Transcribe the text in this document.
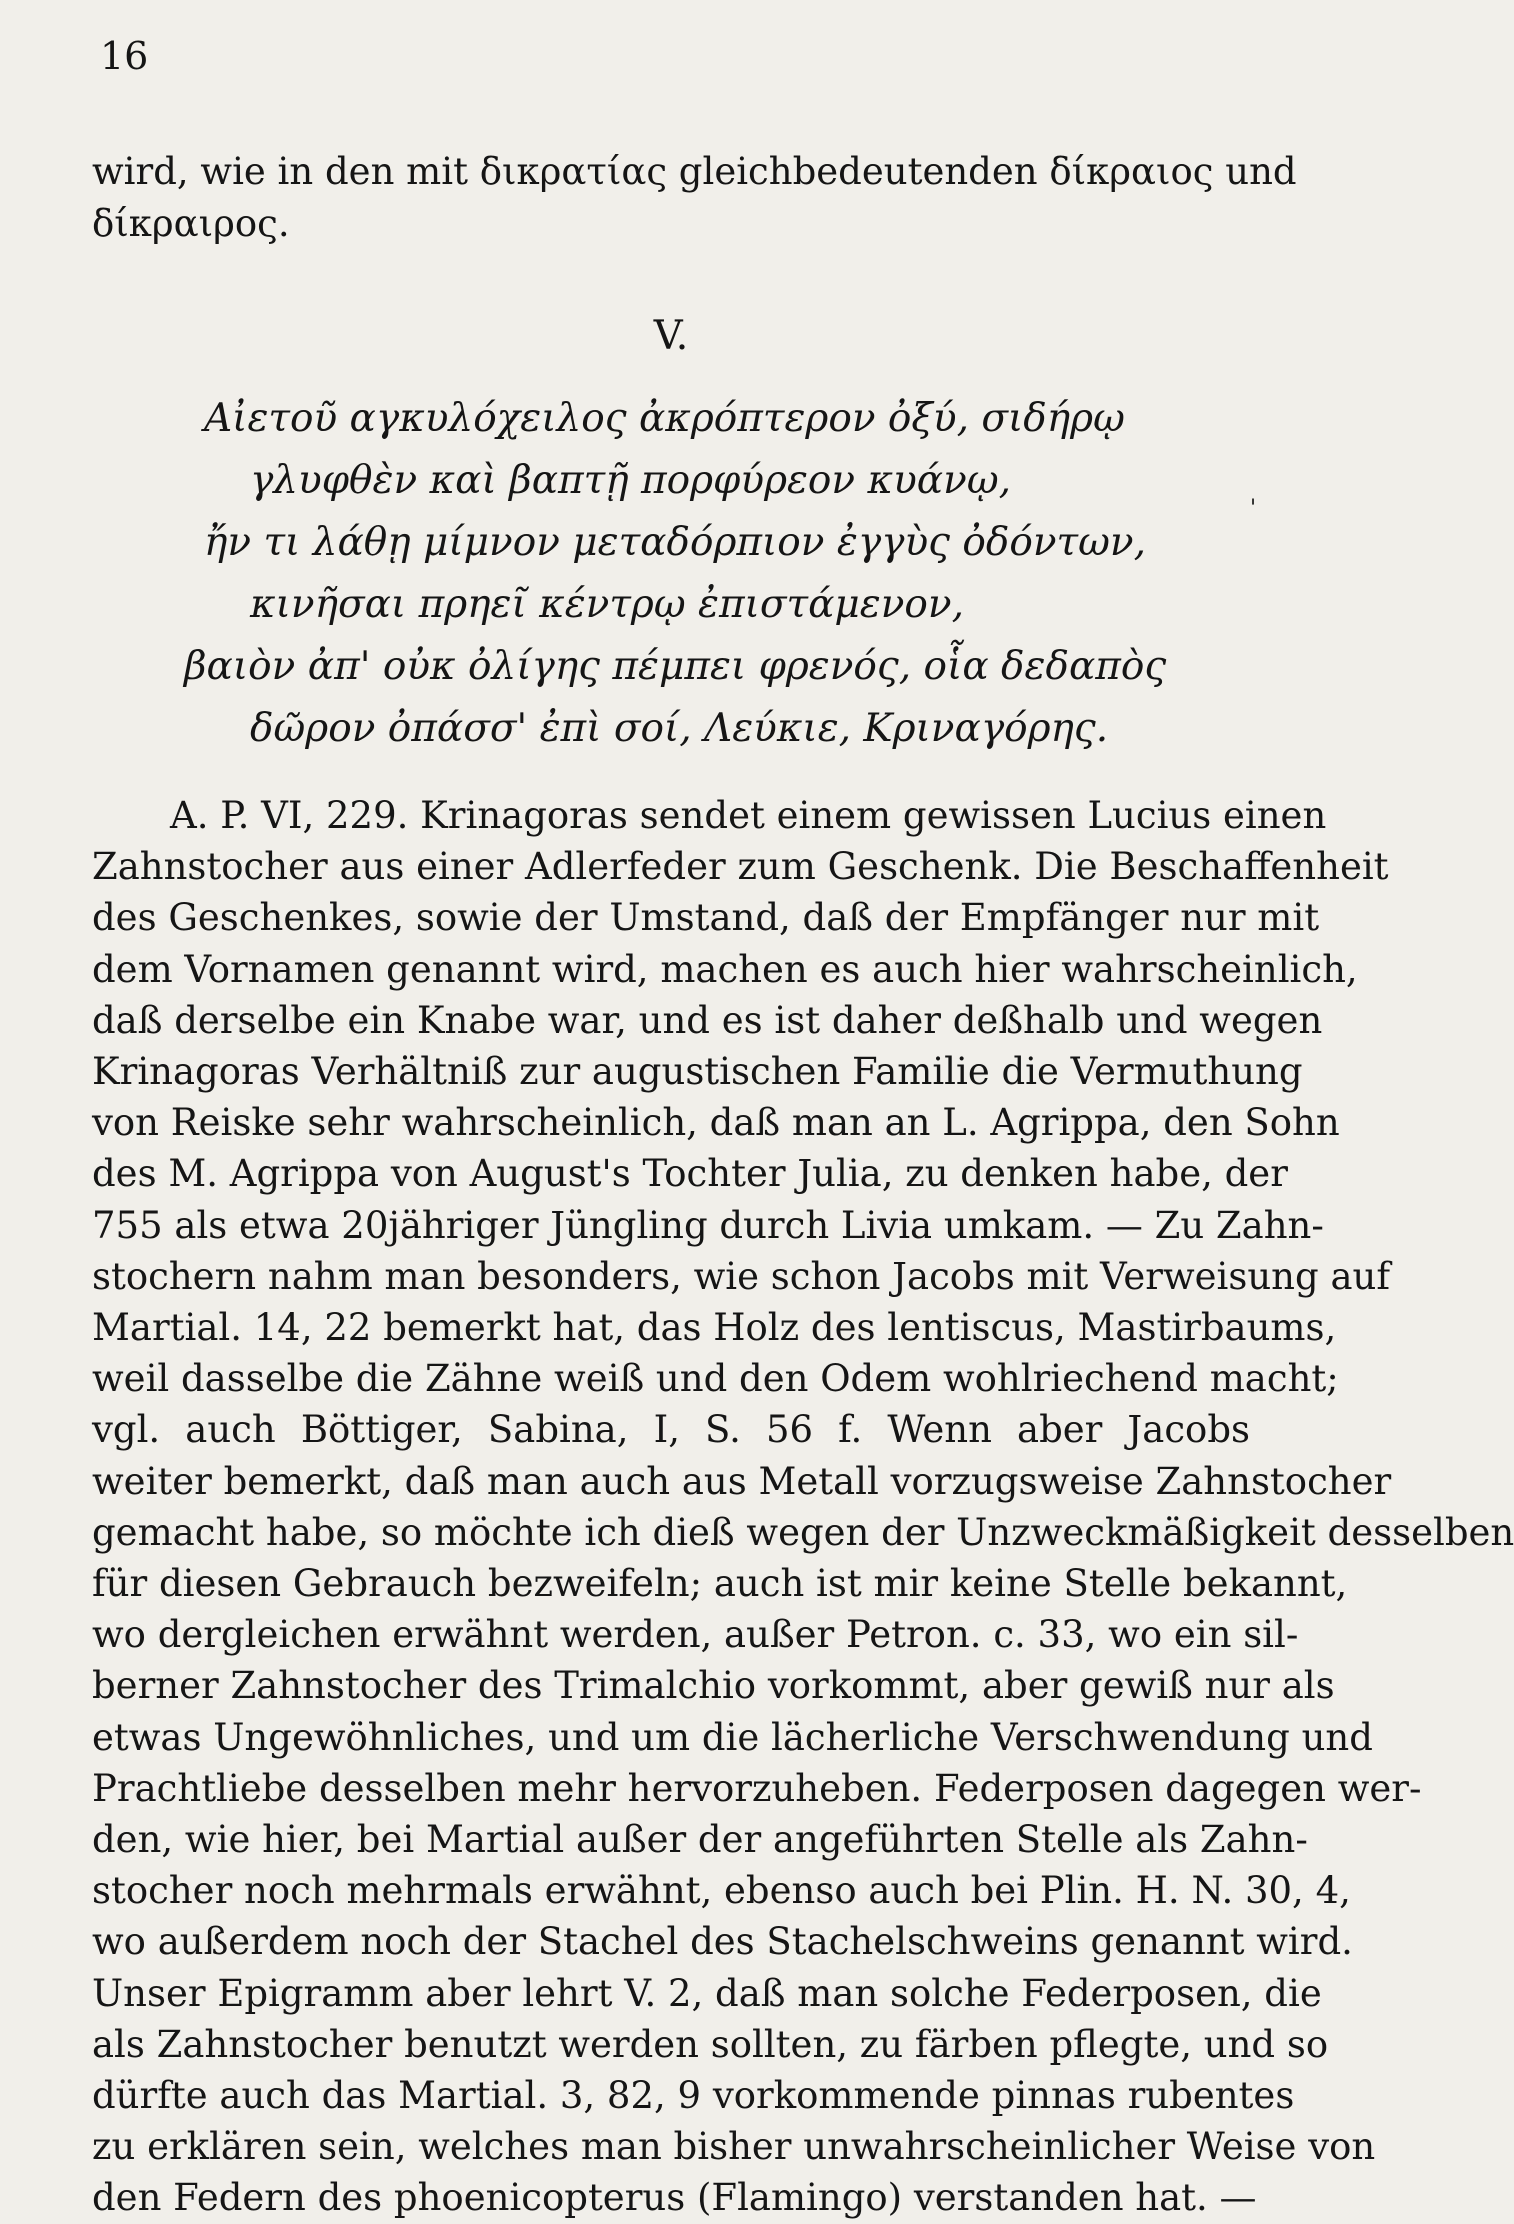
16
wird, wie in den mit δικρατίας gleichbedeutenden δίκραιος und
δίκραιρος.
V.
Αἰετοῦ αγκυλόχειλος ἀκρόπτερον ὀξύ, σιδήρῳ
γλυφθὲν καὶ βαπτῇ πορφύρεον κυάνῳ,
ἤν τι λάθῃ μίμνον μεταδόρπιον ἐγγὺς ὀδόντων,
κινῆσαι πρηεῖ κέντρῳ ἐπιστάμενον,
βαιὸν ἀπ' οὐκ ὀλίγης πέμπει φρενός, οἷα δεδαπὸς
δῶρον ὀπάσσ' ἐπὶ σοί, Λεύκιε, Κριναγόρης.
A. P. VI, 229. Krinagoras sendet einem gewissen Lucius einen
Zahnstocher aus einer Adlerfeder zum Geschenk. Die Beschaffenheit
des Geschenkes, sowie der Umstand, daß der Empfänger nur mit
dem Vornamen genannt wird, machen es auch hier wahrscheinlich,
daß derselbe ein Knabe war, und es ist daher deßhalb und wegen
Krinagoras Verhältniß zur augustischen Familie die Vermuthung
von Reiske sehr wahrscheinlich, daß man an L. Agrippa, den Sohn
des M. Agrippa von August's Tochter Julia, zu denken habe, der
755 als etwa 20jähriger Jüngling durch Livia umkam. — Zu Zahn-
stochern nahm man besonders, wie schon Jacobs mit Verweisung auf
Martial. 14, 22 bemerkt hat, das Holz des lentiscus, Mastirbaums,
weil dasselbe die Zähne weiß und den Odem wohlriechend macht;
vgl. auch Böttiger, Sabina, I, S. 56 f. Wenn aber Jacobs
weiter bemerkt, daß man auch aus Metall vorzugsweise Zahnstocher
gemacht habe, so möchte ich dieß wegen der Unzweckmäßigkeit desselben
für diesen Gebrauch bezweifeln; auch ist mir keine Stelle bekannt,
wo dergleichen erwähnt werden, außer Petron. c. 33, wo ein sil-
berner Zahnstocher des Trimalchio vorkommt, aber gewiß nur als
etwas Ungewöhnliches, und um die lächerliche Verschwendung und
Prachtliebe desselben mehr hervorzuheben. Federposen dagegen wer-
den, wie hier, bei Martial außer der angeführten Stelle als Zahn-
stocher noch mehrmals erwähnt, ebenso auch bei Plin. H. N. 30, 4,
wo außerdem noch der Stachel des Stachelschweins genannt wird.
Unser Epigramm aber lehrt V. 2, daß man solche Federposen, die
als Zahnstocher benutzt werden sollten, zu färben pflegte, und so
dürfte auch das Martial. 3, 82, 9 vorkommende pinnas rubentes
zu erklären sein, welches man bisher unwahrscheinlicher Weise von
den Federn des phoenicopterus (Flamingo) verstanden hat. —
'
